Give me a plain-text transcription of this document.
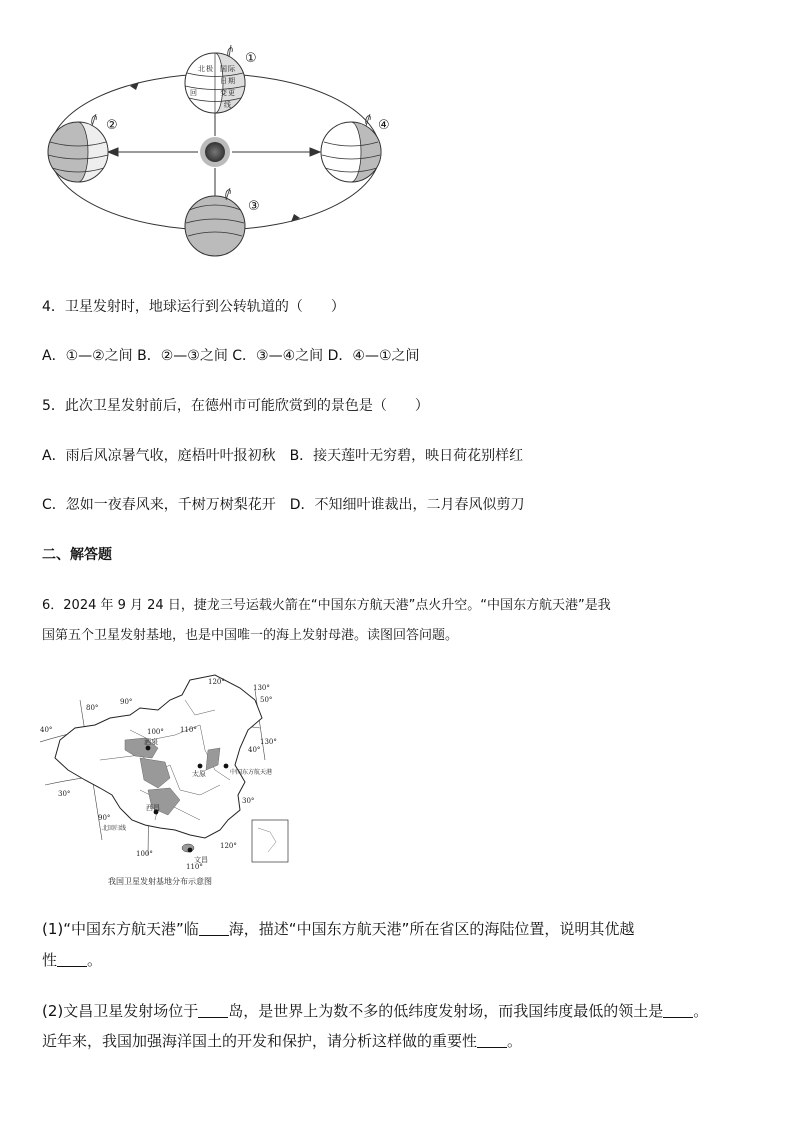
北 极 国 际
日 期
变 更
回
线
①
②
③
④
4．卫星发射时，地球运行到公转轨道的（　　）
A．①—②之间 B．②—③之间 C．③—④之间 D．④—①之间
5．此次卫星发射前后，在德州市可能欣赏到的景色是（　　）
A．雨后风凉暑气收，庭梧叶叶报初秋　B．接天莲叶无穷碧，映日荷花别样红
C．忽如一夜春风来，千树万树梨花开　D．不知细叶谁裁出，二月春风似剪刀
二、解答题
6．2024 年 9 月 24 日，捷龙三号运载火箭在“中国东方航天港”点火升空。“中国东方航天港”是我
国第五个卫星发射基地，也是中国唯一的海上发射母港。读图回答问题。
120°
130°
50°
90°
80°
100° 110°
40°
40°
130°
30°
30°
90°
100°
120°
110°
酒泉
太原	中国东方航天港
西昌
文昌
北回归线
我国卫星发射基地分布示意图
(1)“中国东方航天港”临 海，描述“中国东方航天港”所在省区的海陆位置，说明其优越
性 。
(2)文昌卫星发射场位于 岛，是世界上为数不多的低纬度发射场，而我国纬度最低的领土是 。
近年来，我国加强海洋国土的开发和保护，请分析这样做的重要性 。
